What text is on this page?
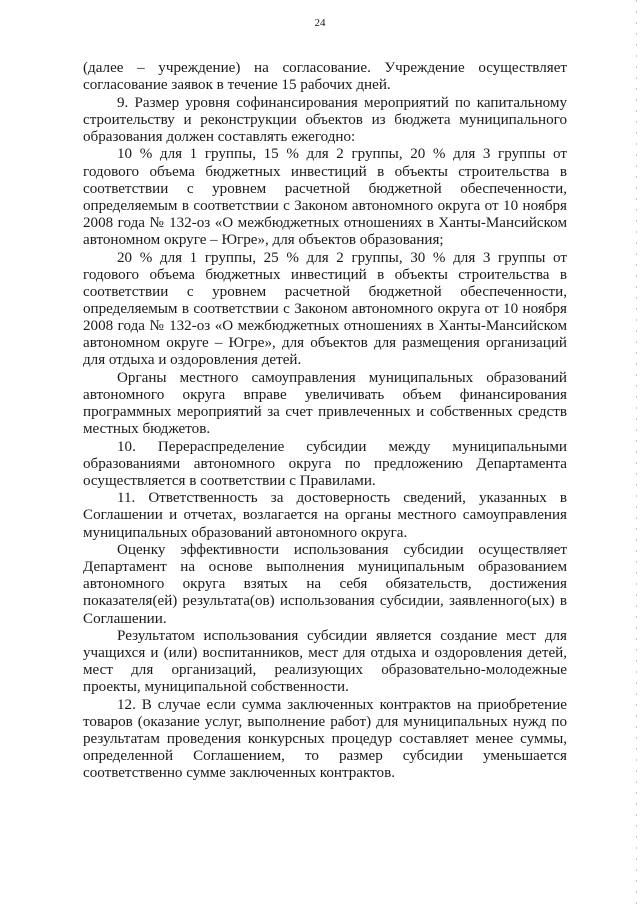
24

(далее – учреждение) на согласование. Учреждение осуществляет согласование заявок в течение 15 рабочих дней.

9. Размер уровня софинансирования мероприятий по капитальному строительству и реконструкции объектов из бюджета муниципального образования должен составлять ежегодно:

10 % для 1 группы, 15 % для 2 группы, 20 % для 3 группы от годового объема бюджетных инвестиций в объекты строительства в соответствии с уровнем расчетной бюджетной обеспеченности, определяемым в соответствии с Законом автономного округа от 10 ноября 2008 года № 132-оз «О межбюджетных отношениях в Ханты-Мансийском автономном округе – Югре», для объектов образования;

20 % для 1 группы, 25 % для 2 группы, 30 % для 3 группы от годового объема бюджетных инвестиций в объекты строительства в соответствии с уровнем расчетной бюджетной обеспеченности, определяемым в соответствии с Законом автономного округа от 10 ноября 2008 года № 132-оз «О межбюджетных отношениях в Ханты-Мансийском автономном округе – Югре», для объектов для размещения организаций для отдыха и оздоровления детей.

Органы местного самоуправления муниципальных образований автономного округа вправе увеличивать объем финансирования программных мероприятий за счет привлеченных и собственных средств местных бюджетов.

10. Перераспределение субсидии между муниципальными образованиями автономного округа по предложению Департамента осуществляется в соответствии с Правилами.

11. Ответственность за достоверность сведений, указанных в Соглашении и отчетах, возлагается на органы местного самоуправления муниципальных образований автономного округа.

Оценку эффективности использования субсидии осуществляет Департамент на основе выполнения муниципальным образованием автономного округа взятых на себя обязательств, достижения показателя(ей) результата(ов) использования субсидии, заявленного(ых) в Соглашении.

Результатом использования субсидии является создание мест для учащихся и (или) воспитанников, мест для отдыха и оздоровления детей, мест для организаций, реализующих образовательно-молодежные проекты, муниципальной собственности.

12. В случае если сумма заключенных контрактов на приобретение товаров (оказание услуг, выполнение работ) для муниципальных нужд по результатам проведения конкурсных процедур составляет менее суммы, определенной Соглашением, то размер субсидии уменьшается соответственно сумме заключенных контрактов.
